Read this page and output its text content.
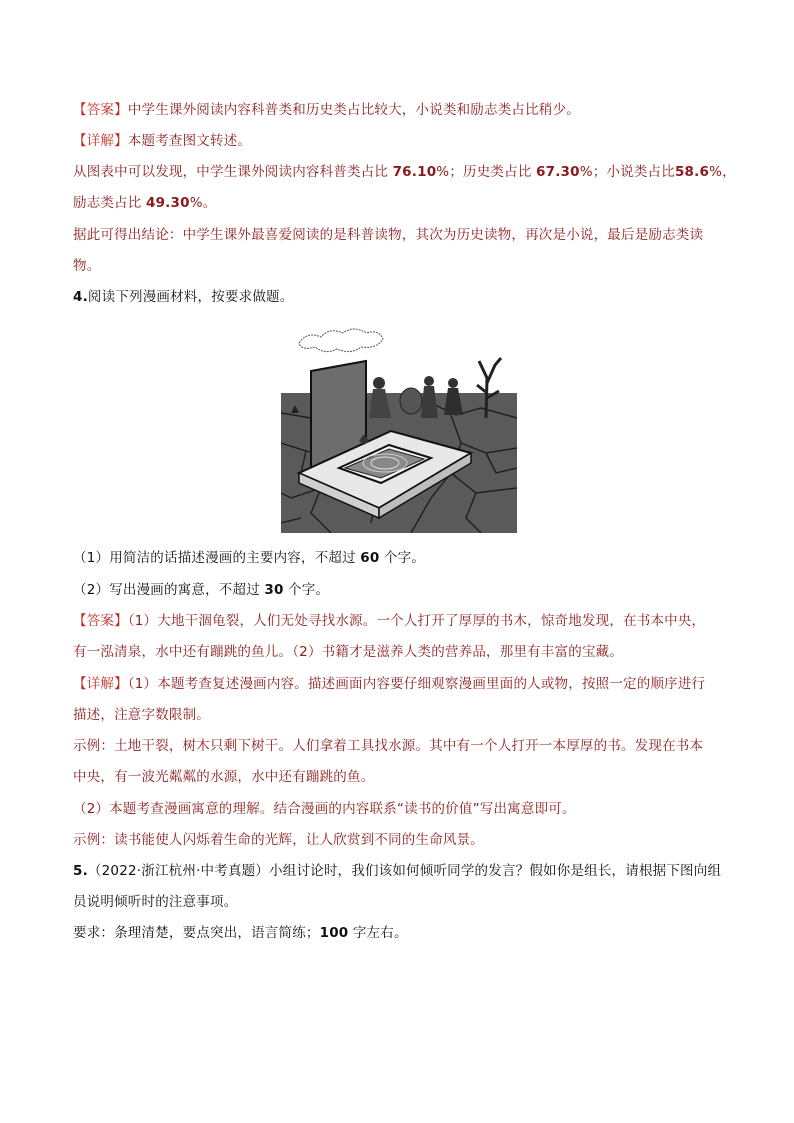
【答案】中学生课外阅读内容科普类和历史类占比较大，小说类和励志类占比稍少。
【详解】本题考查图文转述。
从图表中可以发现，中学生课外阅读内容科普类占比 76.10%；历史类占比 67.30%；小说类占比58.6%，
励志类占比 49.30%。
据此可得出结论：中学生课外最喜爱阅读的是科普读物，其次为历史读物，再次是小说，最后是励志类读
物。
4.阅读下列漫画材料，按要求做题。
（1）用简洁的话描述漫画的主要内容，不超过 60 个字。
（2）写出漫画的寓意，不超过 30 个字。
【答案】（1）大地干涸龟裂，人们无处寻找水源。一个人打开了厚厚的书木，惊奇地发现，在书本中央，
有一泓清泉，水中还有蹦跳的鱼儿。（2）书籍才是滋养人类的营养品，那里有丰富的宝藏。
【详解】（1）本题考查复述漫画内容。描述画面内容要仔细观察漫画里面的人或物，按照一定的顺序进行
描述，注意字数限制。
示例：土地干裂，树木只剩下树干。人们拿着工具找水源。其中有一个人打开一本厚厚的书。发现在书本
中央，有一波光粼粼的水源，水中还有蹦跳的鱼。
（2）本题考查漫画寓意的理解。结合漫画的内容联系“读书的价值”写出寓意即可。
示例：读书能使人闪烁着生命的光辉，让人欣赏到不同的生命风景。
5.（2022·浙江杭州·中考真题）小组讨论时，我们该如何倾听同学的发言？假如你是组长，请根据下图向组
员说明倾听时的注意事项。
要求：条理清楚，要点突出，语言简练；100 字左右。
